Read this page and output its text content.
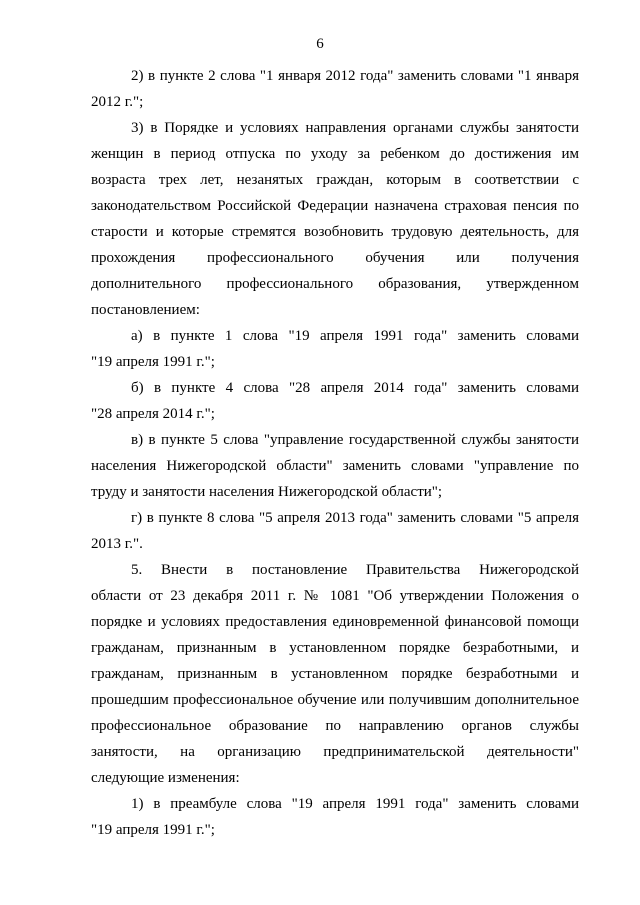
6
2) в пункте 2 слова "1 января 2012 года" заменить словами "1 января
2012 г.";
3) в Порядке и условиях направления органами службы занятости
женщин в период отпуска по уходу за ребенком до достижения им
возраста трех лет, незанятых граждан, которым в соответствии с
законодательством Российской Федерации назначена страховая пенсия по
старости и которые стремятся возобновить трудовую деятельность, для
прохождения профессионального обучения или получения
дополнительного профессионального образования, утвержденном
постановлением:
а) в пункте 1 слова "19 апреля 1991 года" заменить словами
"19 апреля 1991 г.";
б) в пункте 4 слова "28 апреля 2014 года" заменить словами
"28 апреля 2014 г.";
в) в пункте 5 слова "управление государственной службы занятости
населения Нижегородской области" заменить словами "управление по
труду и занятости населения Нижегородской области";
г) в пункте 8 слова "5 апреля 2013 года" заменить словами "5 апреля
2013 г.".
5. Внести в постановление Правительства Нижегородской
области от 23 декабря 2011 г. № 1081 "Об утверждении Положения о
порядке и условиях предоставления единовременной финансовой помощи
гражданам, признанным в установленном порядке безработными, и
гражданам, признанным в установленном порядке безработными и
прошедшим профессиональное обучение или получившим дополнительное
профессиональное образование по направлению органов службы
занятости, на организацию предпринимательской деятельности"
следующие изменения:
1) в преамбуле слова "19 апреля 1991 года" заменить словами
"19 апреля 1991 г.";
